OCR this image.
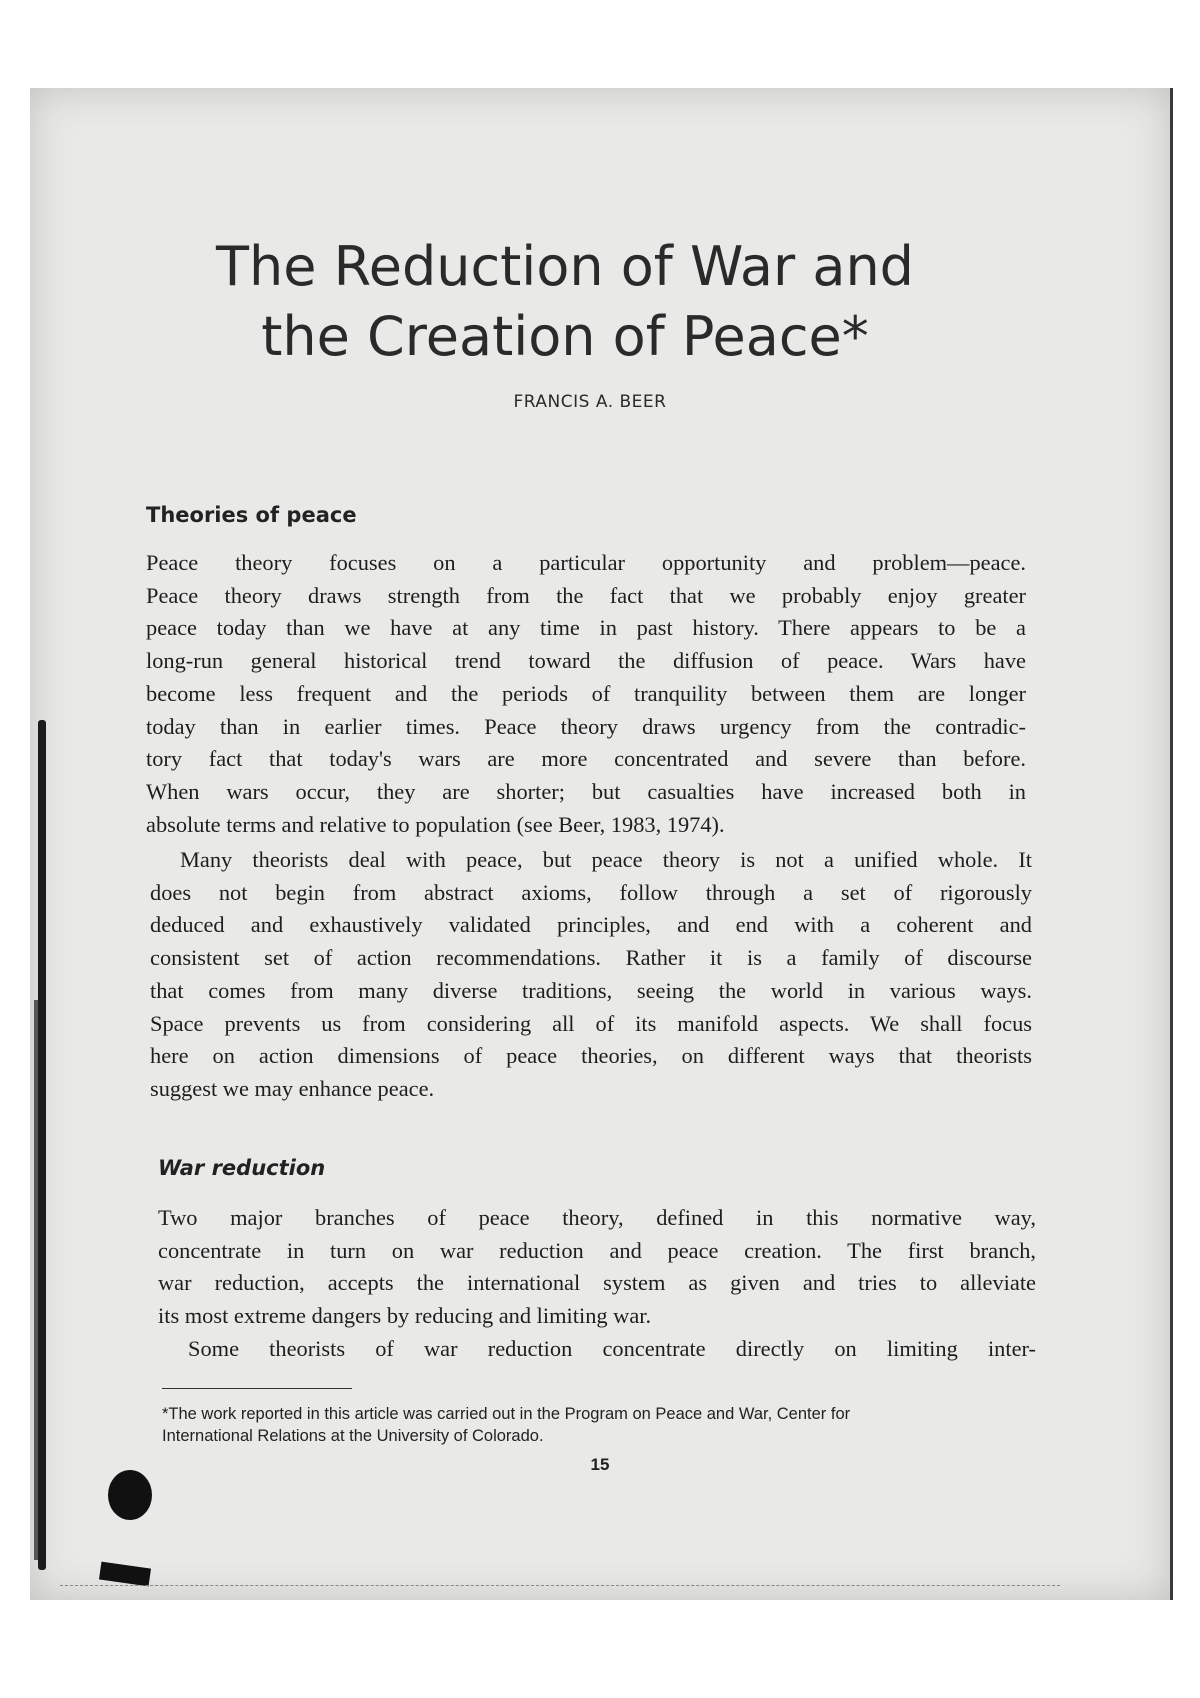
The Reduction of War and
the Creation of Peace*
FRANCIS A. BEER
Theories of peace

Peace theory focuses on a particular opportunity and problem—peace.
Peace theory draws strength from the fact that we probably enjoy greater
peace today than we have at any time in past history. There appears to be a
long-run general historical trend toward the diffusion of peace. Wars have
become less frequent and the periods of tranquility between them are longer
today than in earlier times. Peace theory draws urgency from the contradic-
tory fact that today's wars are more concentrated and severe than before.
When wars occur, they are shorter; but casualties have increased both in
absolute terms and relative to population (see Beer, 1983, 1974).

Many theorists deal with peace, but peace theory is not a unified whole. It
does not begin from abstract axioms, follow through a set of rigorously
deduced and exhaustively validated principles, and end with a coherent and
consistent set of action recommendations. Rather it is a family of discourse
that comes from many diverse traditions, seeing the world in various ways.
Space prevents us from considering all of its manifold aspects. We shall focus
here on action dimensions of peace theories, on different ways that theorists
suggest we may enhance peace.

War reduction

Two major branches of peace theory, defined in this normative way,
concentrate in turn on war reduction and peace creation. The first branch,
war reduction, accepts the international system as given and tries to alleviate
its most extreme dangers by reducing and limiting war.
Some theorists of war reduction concentrate directly on limiting inter-

*The work reported in this article was carried out in the Program on Peace and War, Center for
International Relations at the University of Colorado.

15
